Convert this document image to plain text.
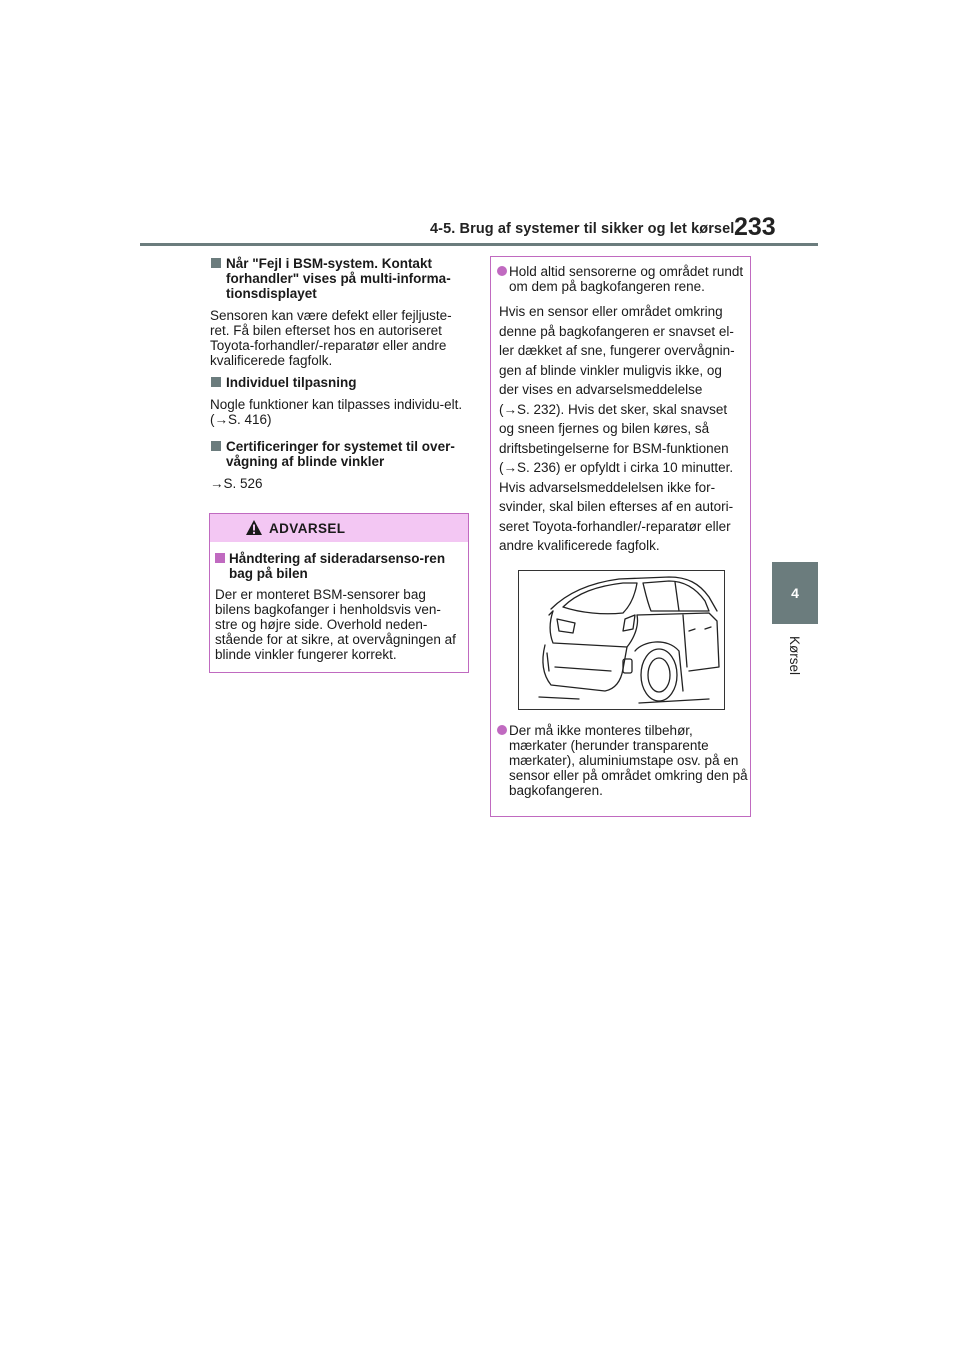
4-5. Brug af systemer til sikker og let kørsel 233
4
Kørsel
Når "Fejl i BSM-system. Kontakt forhandler" vises på multi-informa-tionsdisplayet
Sensoren kan være defekt eller fejljuste-ret. Få bilen efterset hos en autoriseret Toyota-forhandler/-reparatør eller andre kvalificerede fagfolk.
Individuel tilpasning
Nogle funktioner kan tilpasses individu-elt. (→S. 416)
Certificeringer for systemet til over-vågning af blinde vinkler
→S. 526
ADVARSEL
Håndtering af sideradarsenso-ren bag på bilen
Der er monteret BSM-sensorer bag bilens bagkofanger i henholdsvis ven-stre og højre side. Overhold neden-stående for at sikre, at overvågningen af blinde vinkler fungerer korrekt.
Hold altid sensorerne og området rundt om dem på bagkofangeren rene.
Hvis en sensor eller området omkring
denne på bagkofangeren er snavset el-
ler dækket af sne, fungerer overvågnin-
gen af blinde vinkler muligvis ikke, og
der vises en advarselsmeddelelse
(→S. 232). Hvis det sker, skal snavset
og sneen fjernes og bilen køres, så
driftsbetingelserne for BSM-funktionen
(→S. 236) er opfyldt i cirka 10 minutter.
Hvis advarselsmeddelelsen ikke for-
svinder, skal bilen efterses af en autori-
seret Toyota-forhandler/-reparatør eller
andre kvalificerede fagfolk.
Der må ikke monteres tilbehør, mærkater (herunder transparente mærkater), aluminiumstape osv. på en sensor eller på området omkring den på bagkofangeren.
